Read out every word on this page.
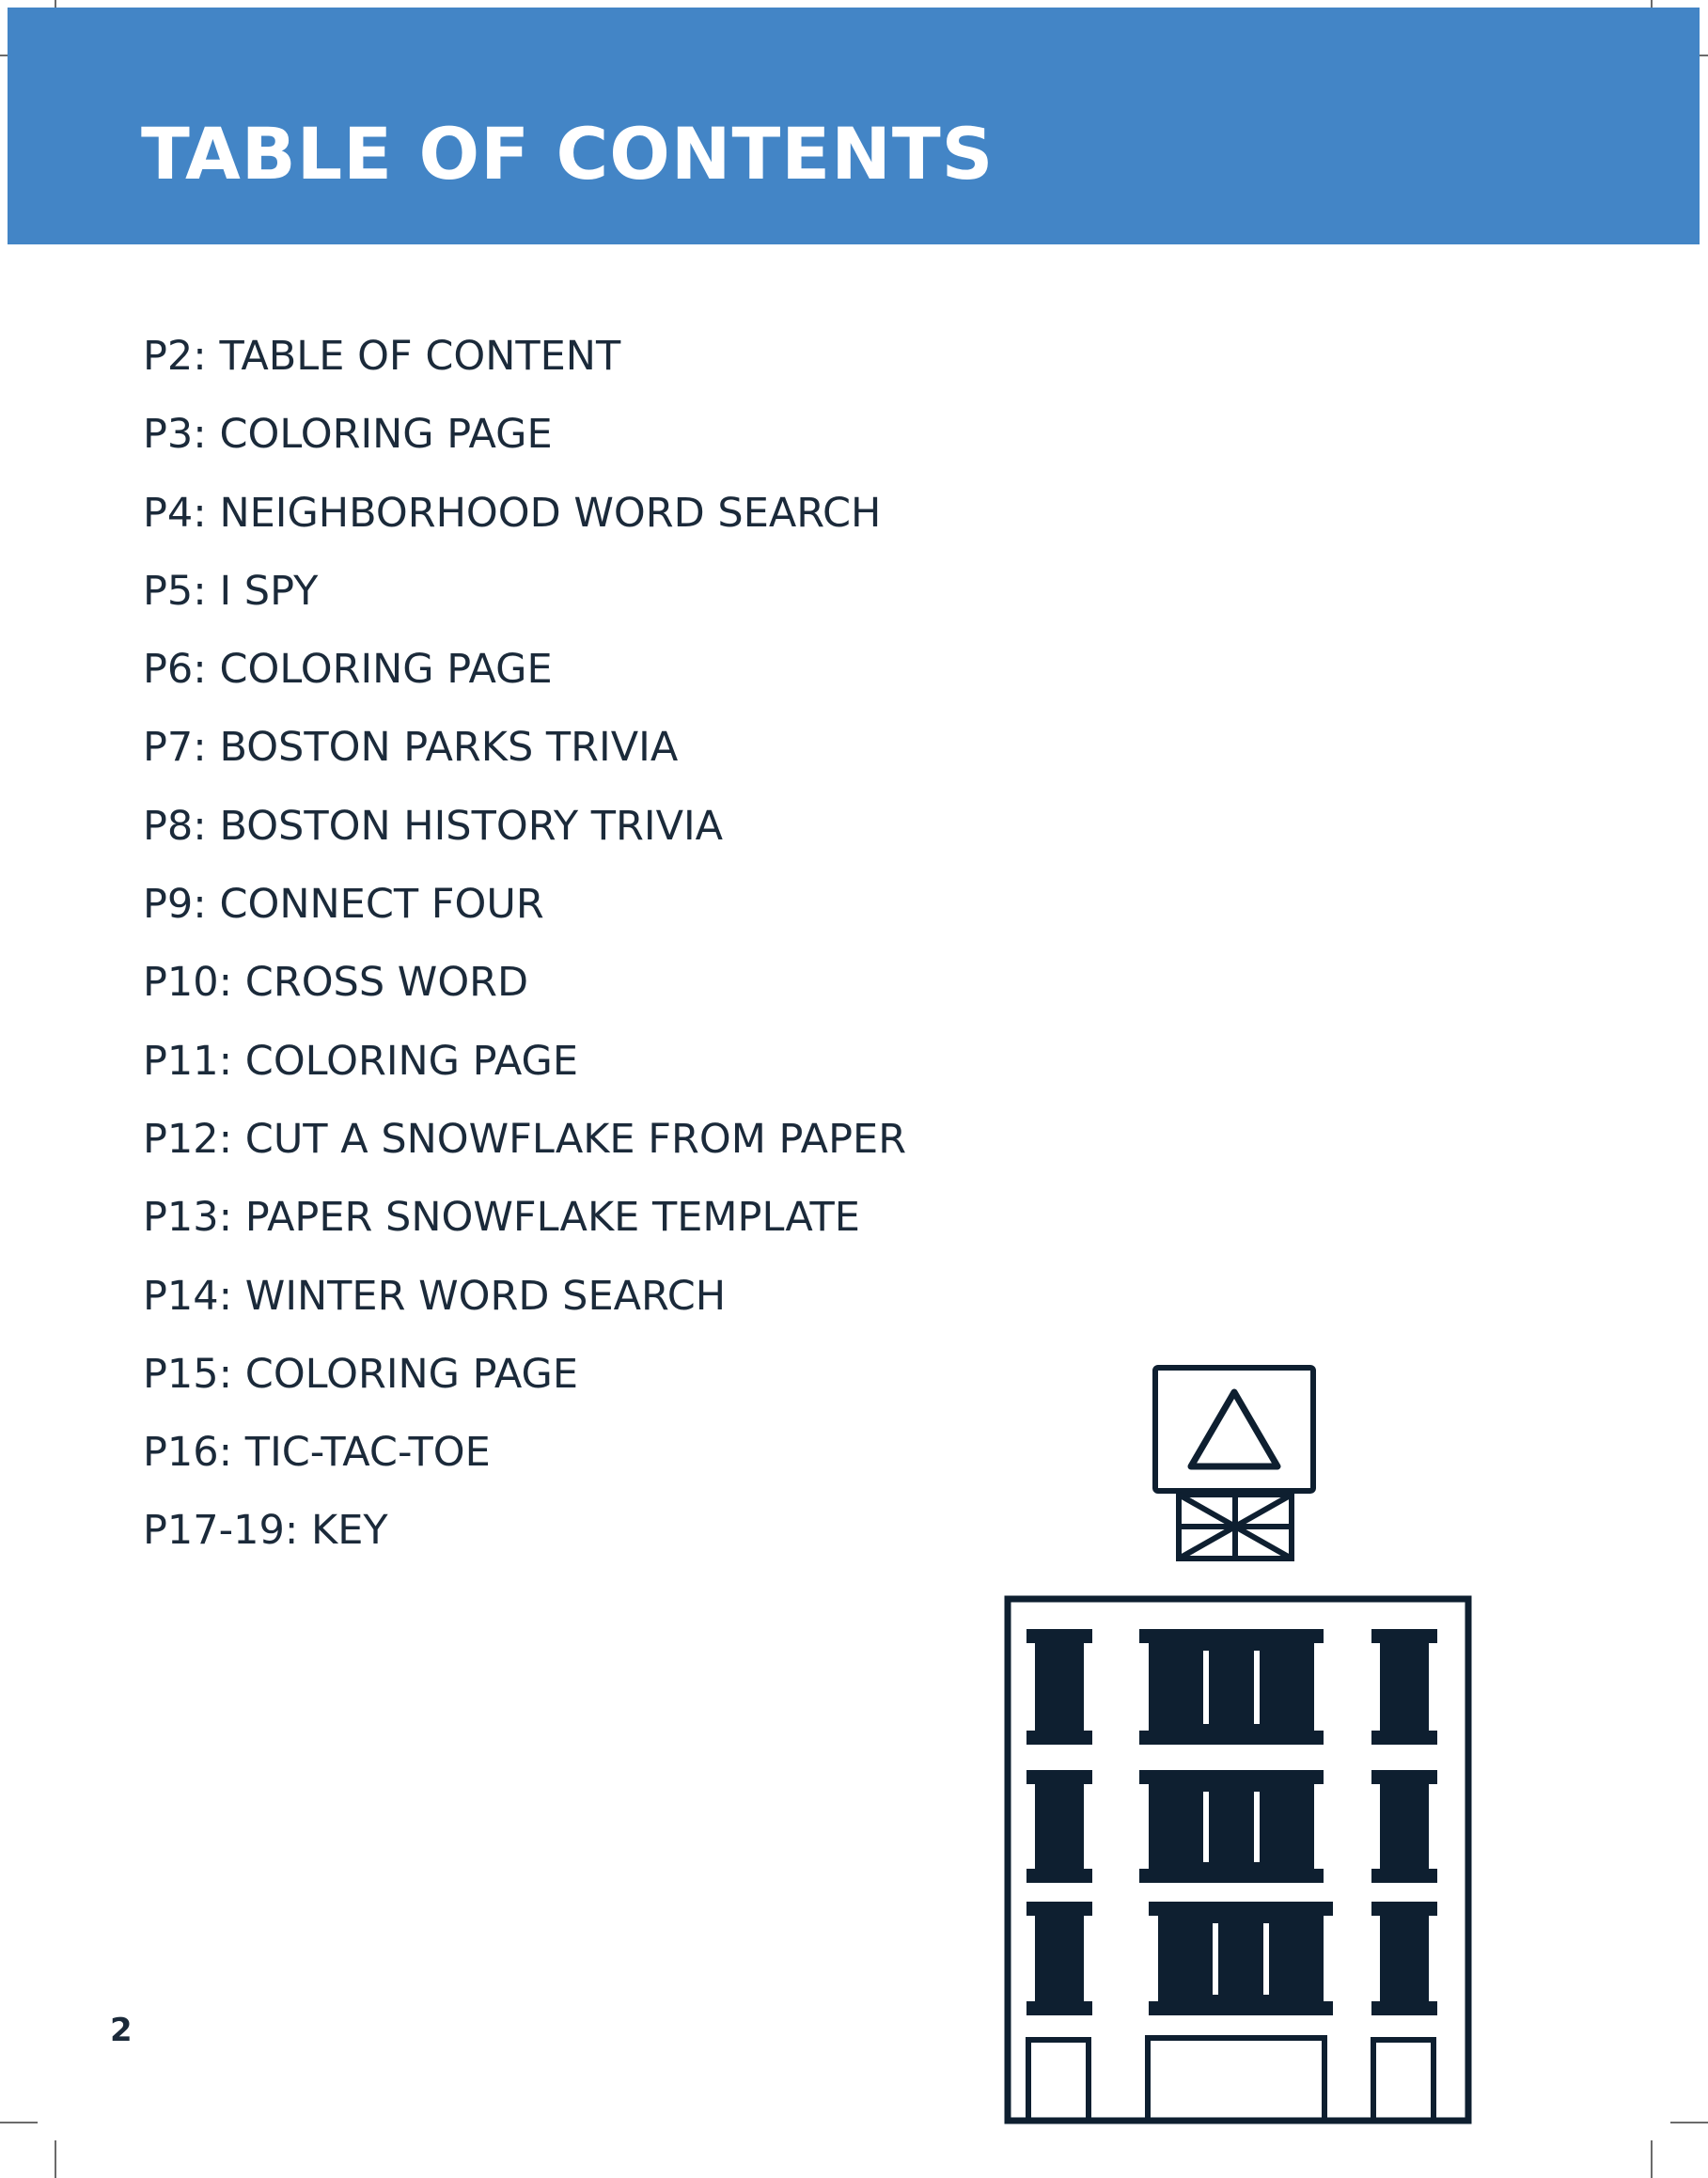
TABLE OF CONTENTS
P2: TABLE OF CONTENT
P3: COLORING PAGE
P4: NEIGHBORHOOD WORD SEARCH
P5: I SPY
P6: COLORING PAGE
P7: BOSTON PARKS TRIVIA
P8: BOSTON HISTORY TRIVIA
P9: CONNECT FOUR
P10: CROSS WORD
P11: COLORING PAGE
P12: CUT A SNOWFLAKE FROM PAPER
P13: PAPER SNOWFLAKE TEMPLATE
P14: WINTER WORD SEARCH
P15: COLORING PAGE
P16: TIC-TAC-TOE
P17-19: KEY
2
